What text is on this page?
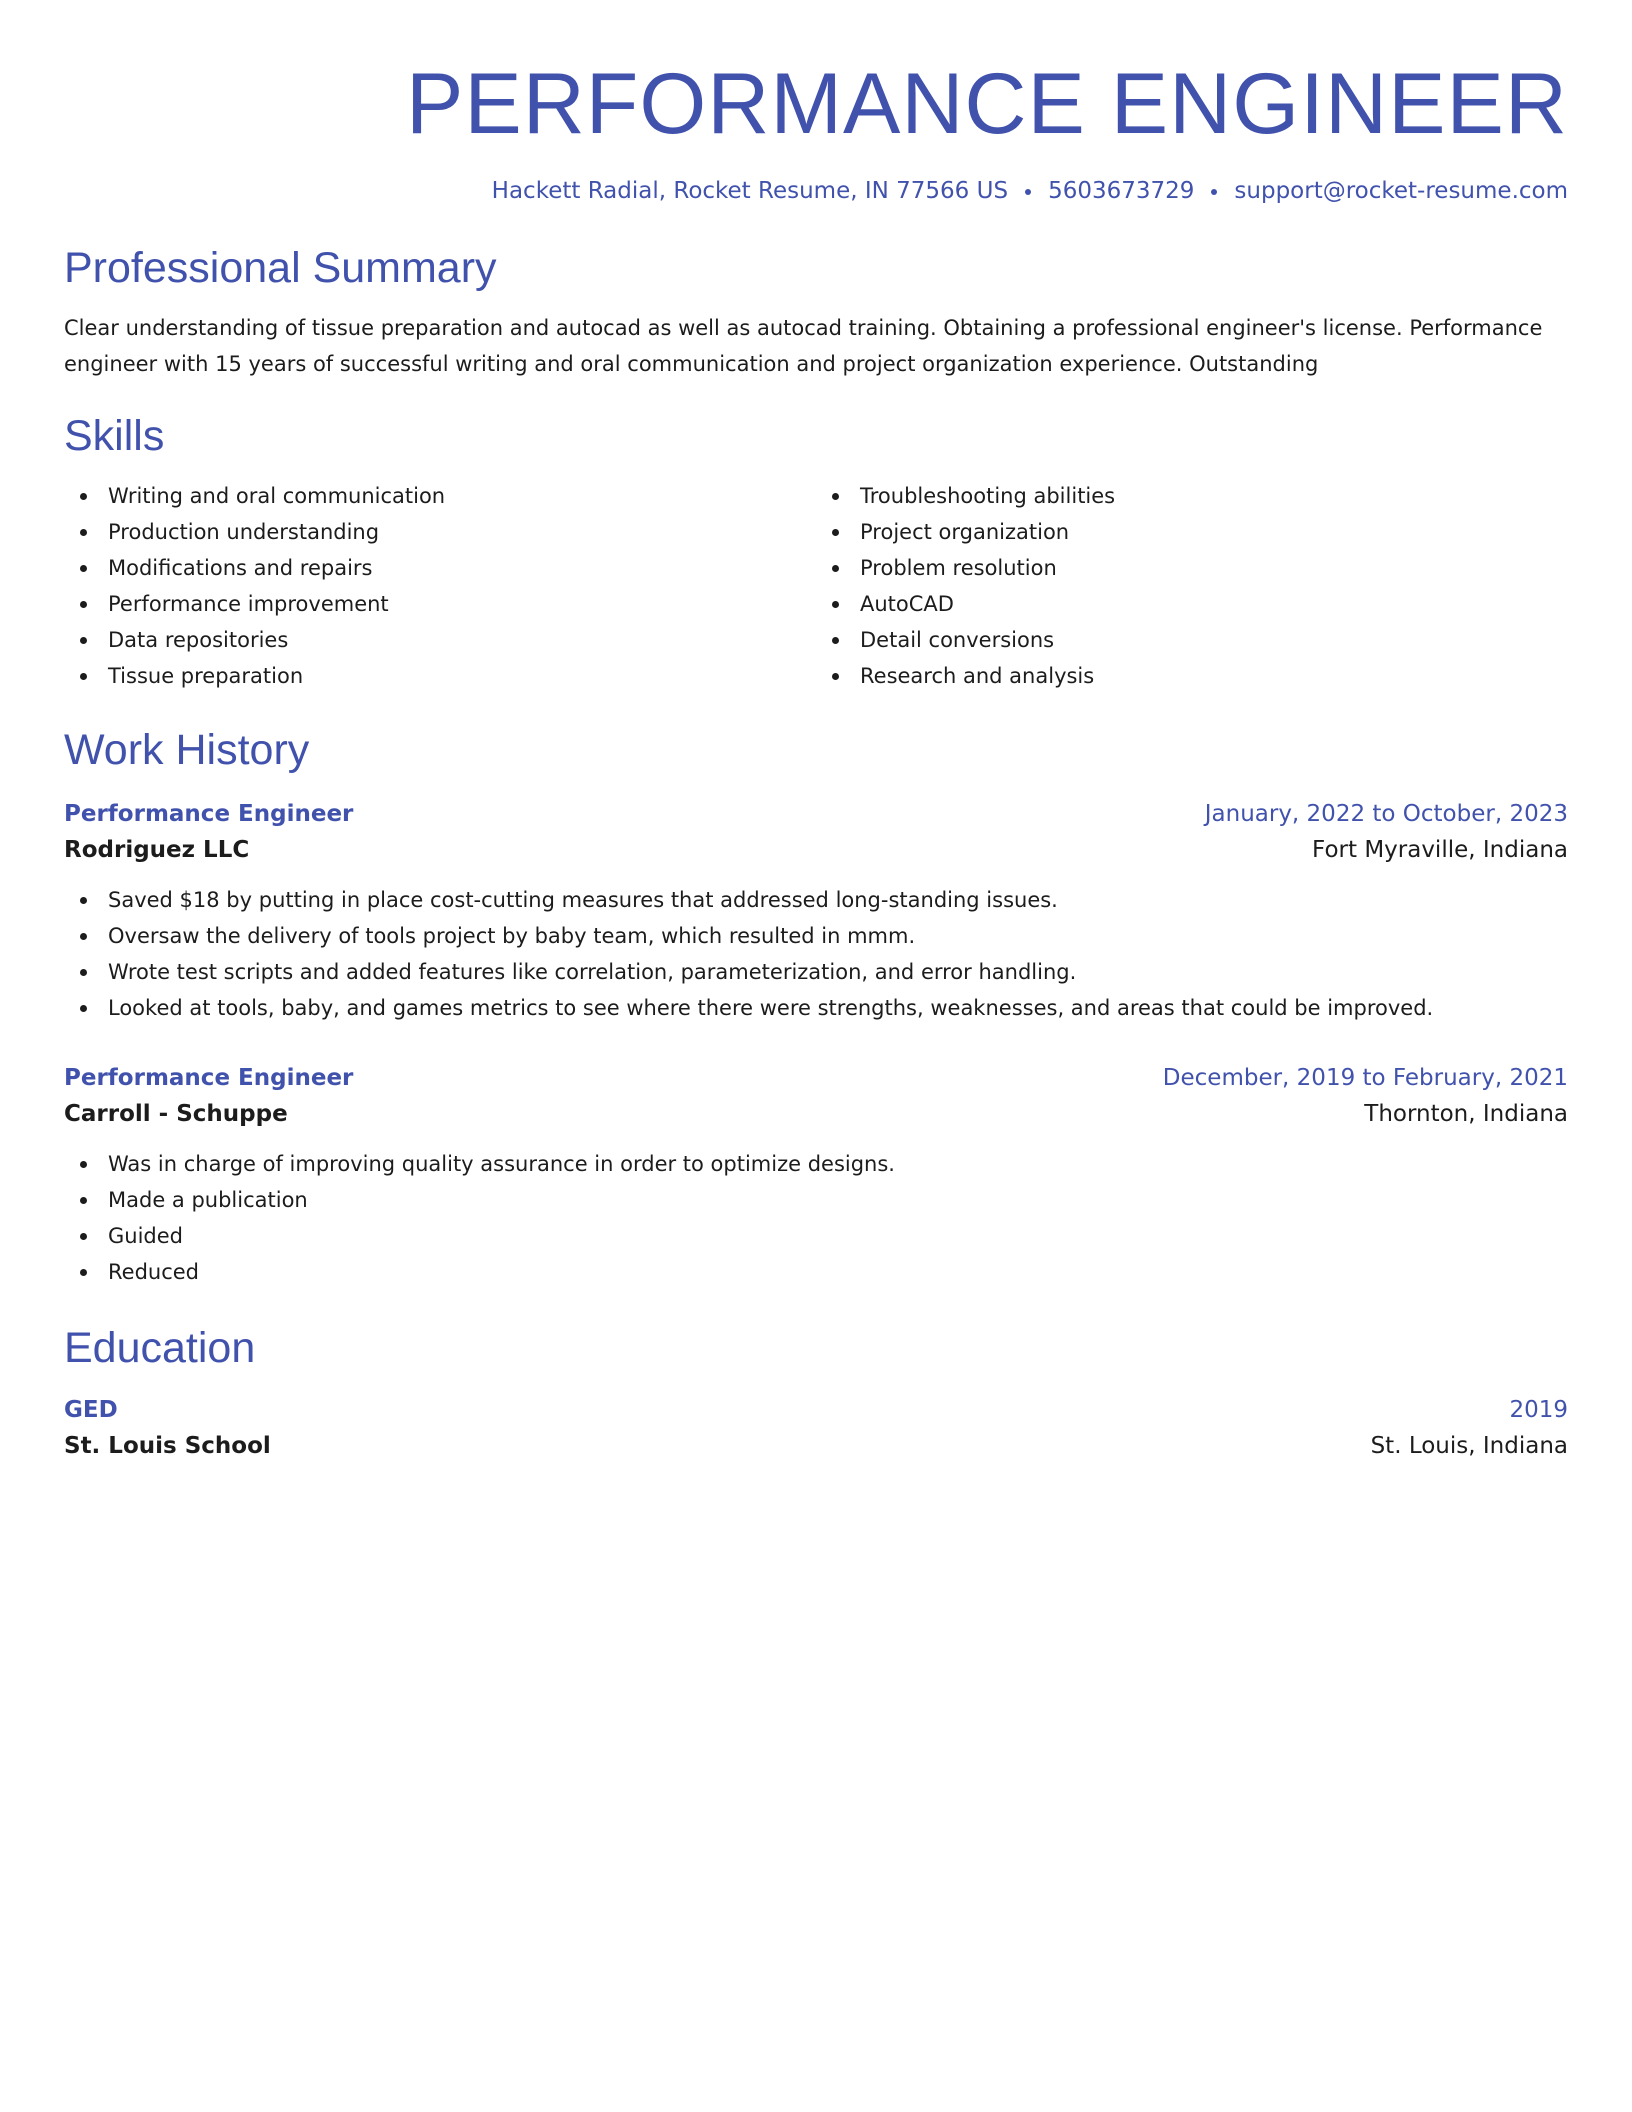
PERFORMANCE ENGINEER
Hackett Radial, Rocket Resume, IN 77566 US 5603673729 support@rocket-resume.com
Professional Summary

Clear understanding of tissue preparation and autocad as well as autocad training. Obtaining a professional engineer's license. Performance engineer with 15 years of successful writing and oral communication and project organization experience. Outstanding

Skills
Writing and oral communication
Production understanding
Modifications and repairs
Performance improvement
Data repositories
Tissue preparation
Troubleshooting abilities
Project organization
Problem resolution
AutoCAD
Detail conversions
Research and analysis
Work History
Performance Engineer	January, 2022 to October, 2023
Rodriguez LLC	Fort Myraville, Indiana
Saved $18 by putting in place cost-cutting measures that addressed long-standing issues.
Oversaw the delivery of tools project by baby team, which resulted in mmm.
Wrote test scripts and added features like correlation, parameterization, and error handling.
Looked at tools, baby, and games metrics to see where there were strengths, weaknesses, and areas that could be improved.
Performance Engineer	December, 2019 to February, 2021
Carroll - Schuppe	Thornton, Indiana
Was in charge of improving quality assurance in order to optimize designs.
Made a publication
Guided
Reduced
Education
GED	2019
St. Louis School	St. Louis, Indiana
